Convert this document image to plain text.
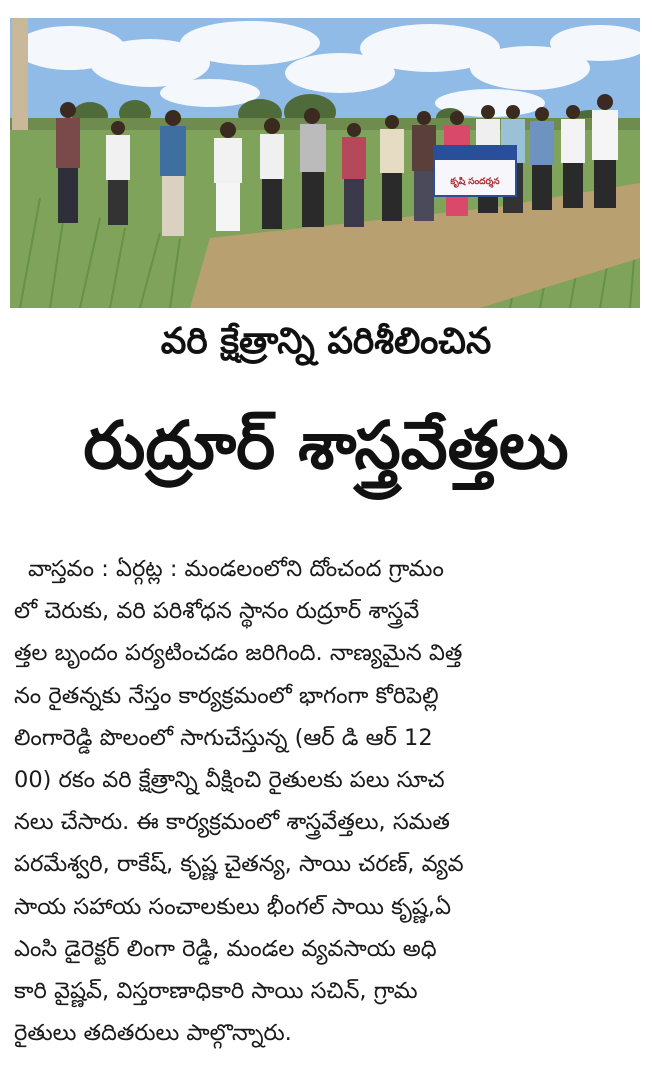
కృషి సందర్శన
వరి క్షేత్రాన్ని పరిశీలించిన
రుద్రూర్ శాస్త్రవేత్తలు
వాస్తవం : ఏర్గట్ల : మండలంలోని దోంచంద గ్రామం
లో చెరుకు, వరి పరిశోధన స్థానం రుద్రూర్ శాస్త్రవే
త్తల బృందం పర్యటించడం జరిగింది. నాణ్యమైన విత్త
నం రైతన్నకు నేస్తం కార్యక్రమంలో భాగంగా కోరిపెల్లి
లింగారెడ్డి పొలంలో సాగుచేస్తున్న (ఆర్ డి ఆర్ 12
00) రకం వరి క్షేత్రాన్ని వీక్షించి రైతులకు పలు సూచ
నలు చేసారు. ఈ కార్యక్రమంలో శాస్త్రవేత్తలు, సమత
పరమేశ్వరి, రాకేష్, కృష్ణ చైతన్య, సాయి చరణ్, వ్యవ
సాయ సహాయ సంచాలకులు భీంగల్ సాయి కృష్ణ,ఏ
ఎంసి డైరెక్టర్ లింగా రెడ్డి, మండల వ్యవసాయ అధి
కారి వైష్ణవ్, విస్తరాణాధికారి సాయి సచిన్, గ్రామ
రైతులు తదితరులు పాల్గొన్నారు.
